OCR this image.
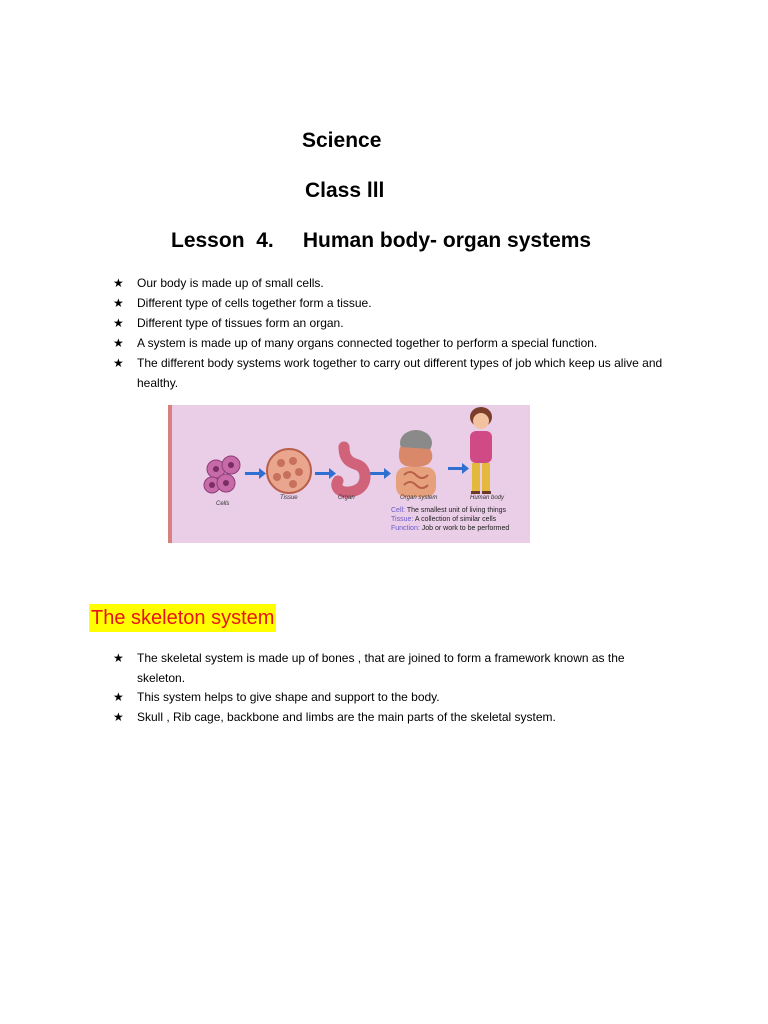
Science
Class lll
Lesson  4.     Human body- organ systems
★ Our body is made up of small cells.
★ Different type of cells together form a tissue.
★ Different type of tissues form an organ.
★ A system is made up of many organs connected together to perform a special function.
★ The different body systems work together to carry out different types of job which keep us alive and healthy.
Cells
Tissue	Organ	Organ system	Human body
Cell: The smallest unit of living things
Tissue: A collection of similar cells
Function: Job or work to be performed
The skeleton system
★ The skeletal system is made up of bones , that are joined to form a framework known as the skeleton.
★ This system helps to give shape and support to the body.
★ Skull , Rib cage, backbone and limbs are the main parts of the skeletal system.
